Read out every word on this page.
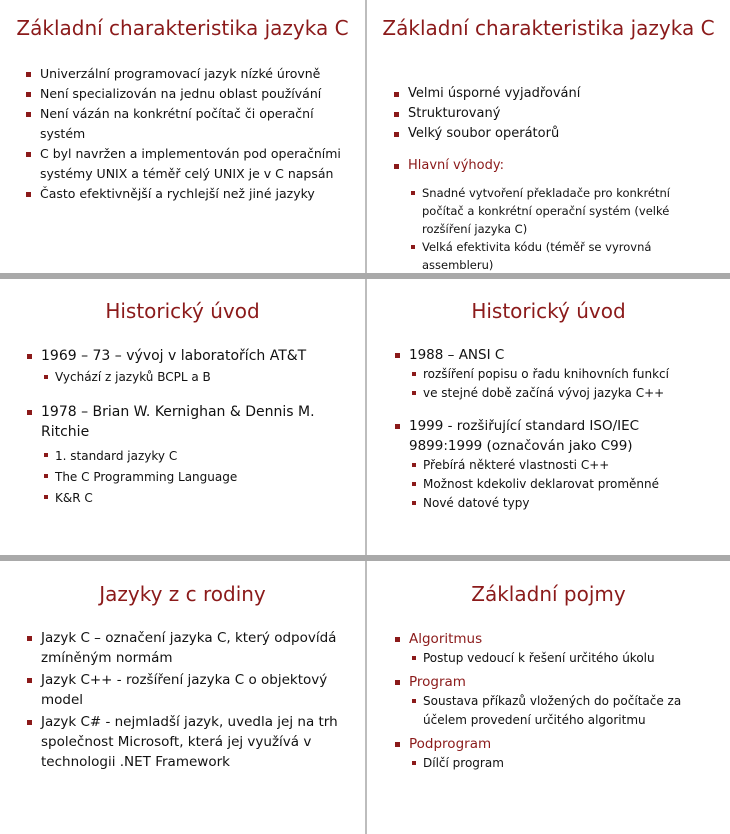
Základní charakteristika jazyka C
Univerzální programovací jazyk nízké úrovně
Není specializován na jednu oblast používání
Není vázán na konkrétní počítač či operační systém
C byl navržen a implementován pod operačními systémy UNIX a téměř celý UNIX je v C napsán
Často efektivnější a rychlejší než jiné jazyky
Základní charakteristika jazyka C
Velmi úsporné vyjadřování
Strukturovaný
Velký soubor operátorů
Hlavní výhody:
Snadné vytvoření překladače pro konkrétní počítač a konkrétní operační systém (velké rozšíření jazyka C)
Velká efektivita kódu (téměř se vyrovná assembleru)
Historický úvod
1969 – 73 – vývoj v laboratořích AT&T
Vychází z jazyků BCPL a B
1978 – Brian W. Kernighan & Dennis M. Ritchie
1. standard jazyky C
The C Programming Language
K&R C
Historický úvod
1988 – ANSI C
rozšíření popisu o řadu knihovních funkcí
ve stejné době začíná vývoj jazyka C++
1999 - rozšiřující standard ISO/IEC 9899:1999 (označován jako C99)
Přebírá některé vlastnosti C++
Možnost kdekoliv deklarovat proměnné
Nové datové typy
Jazyky z c rodiny
Jazyk C – označení jazyka C, který odpovídá zmíněným normám
Jazyk C++ - rozšíření jazyka C o objektový model
Jazyk C# - nejmladší jazyk, uvedla jej na trh společnost Microsoft, která jej využívá v technologii .NET Framework
Základní pojmy
Algoritmus
Postup vedoucí k řešení určitého úkolu
Program
Soustava příkazů vložených do počítače za účelem provedení určitého algoritmu
Podprogram
Dílčí program
